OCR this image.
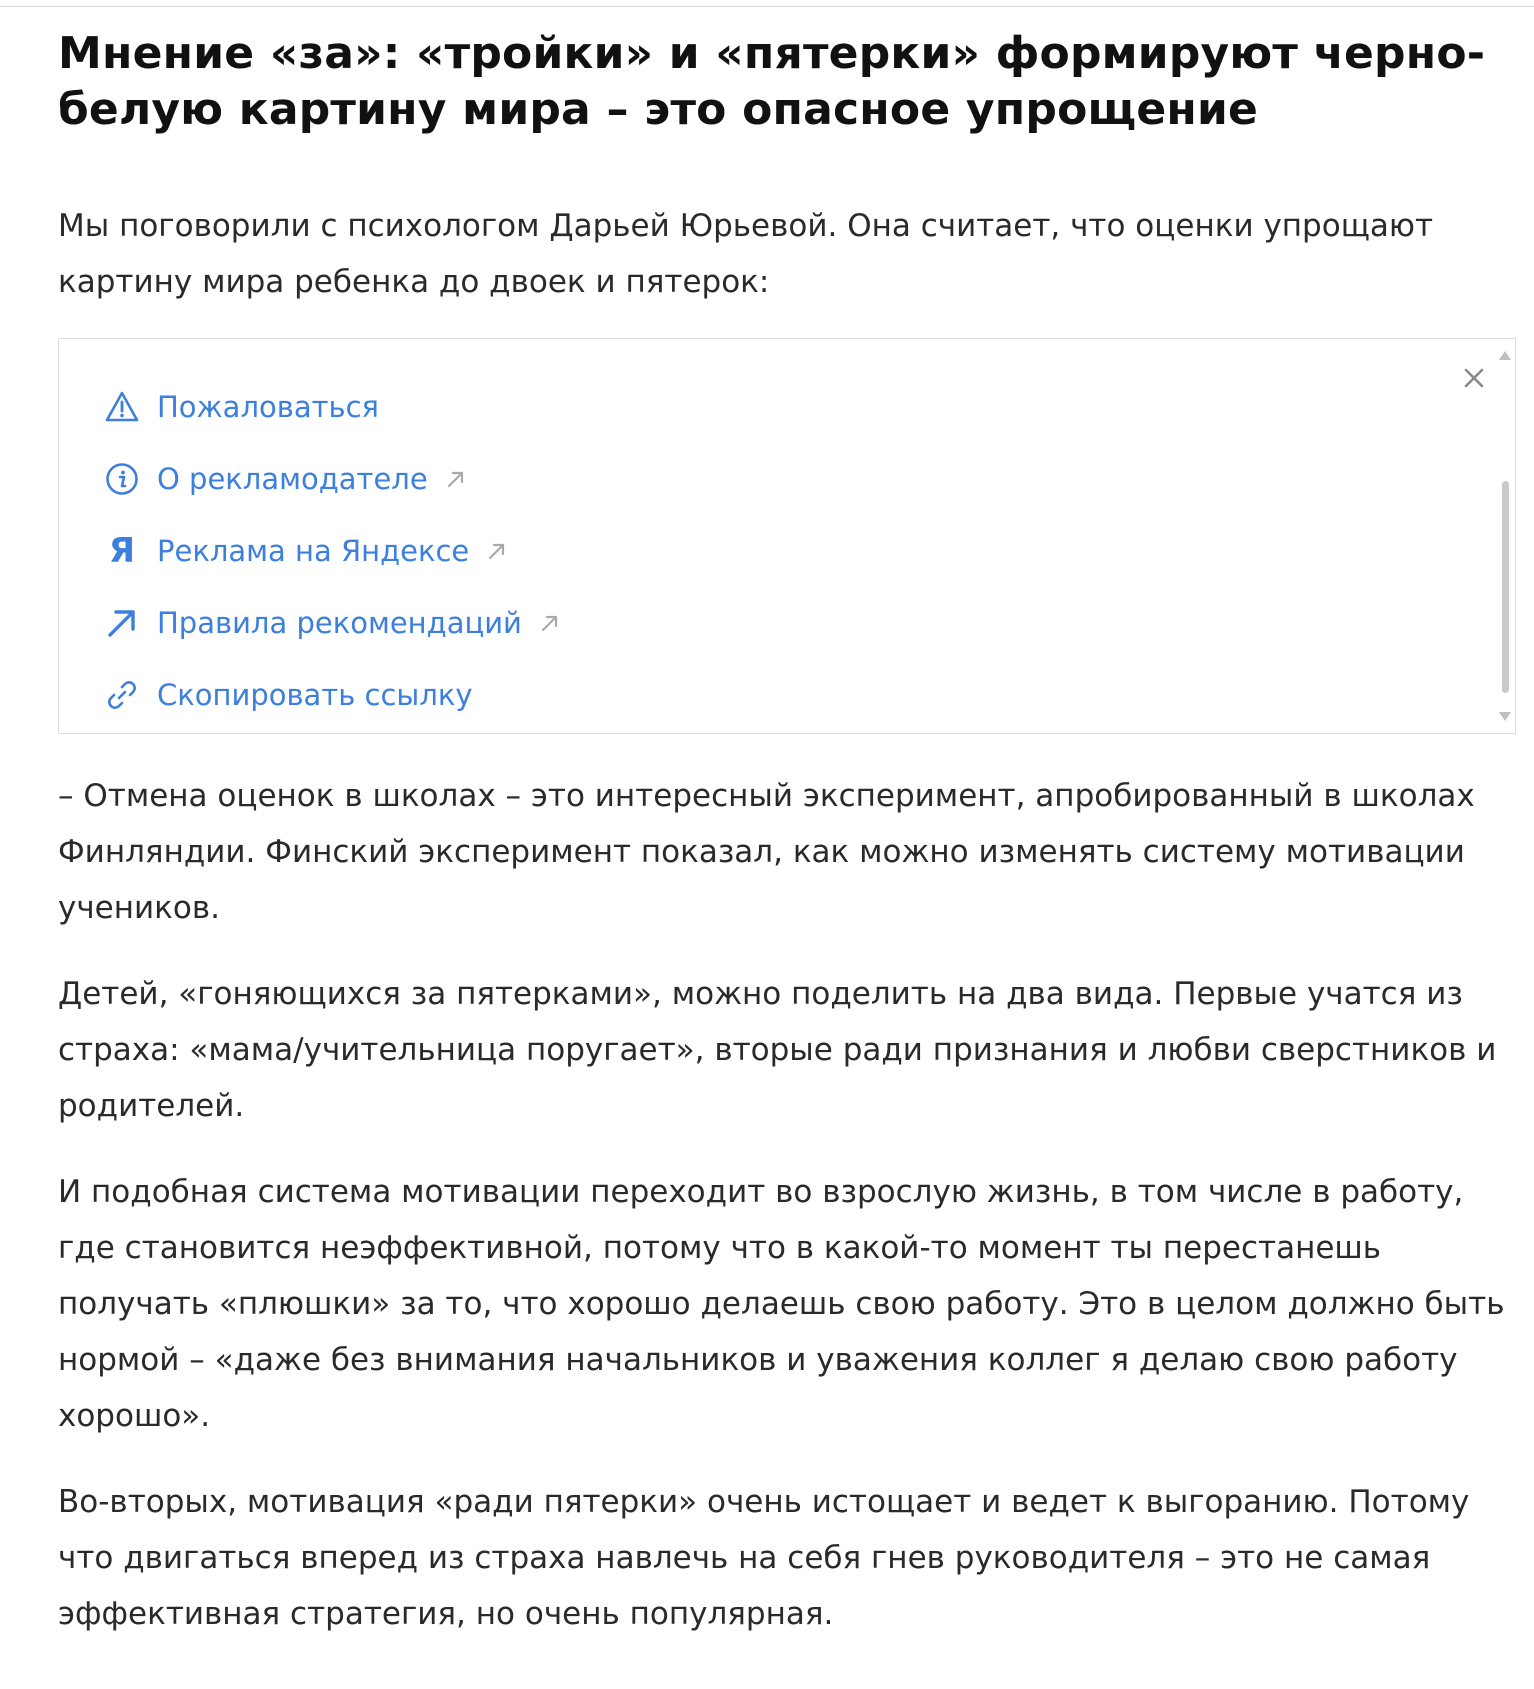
Мнение «за»: «тройки» и «пятерки» формируют черно-белую картину мира – это опасное упрощение

Мы поговорили с психологом Дарьей Юрьевой. Она считает, что оценки упрощают картину мира ребенка до двоек и пятерок:

Пожаловаться
О рекламодателе
Я Реклама на Яндексе
Правила рекомендаций
Скопировать ссылку

– Отмена оценок в школах – это интересный эксперимент, апробированный в школах Финляндии. Финский эксперимент показал, как можно изменять систему мотивации учеников.

Детей, «гоняющихся за пятерками», можно поделить на два вида. Первые учатся из страха: «мама/учительница поругает», вторые ради признания и любви сверстников и родителей.

И подобная система мотивации переходит во взрослую жизнь, в том числе в работу, где становится неэффективной, потому что в какой-то момент ты перестанешь получать «плюшки» за то, что хорошо делаешь свою работу. Это в целом должно быть нормой – «даже без внимания начальников и уважения коллег я делаю свою работу хорошо».

Во-вторых, мотивация «ради пятерки» очень истощает и ведет к выгоранию. Потому что двигаться вперед из страха навлечь на себя гнев руководителя – это не самая эффективная стратегия, но очень популярная.
